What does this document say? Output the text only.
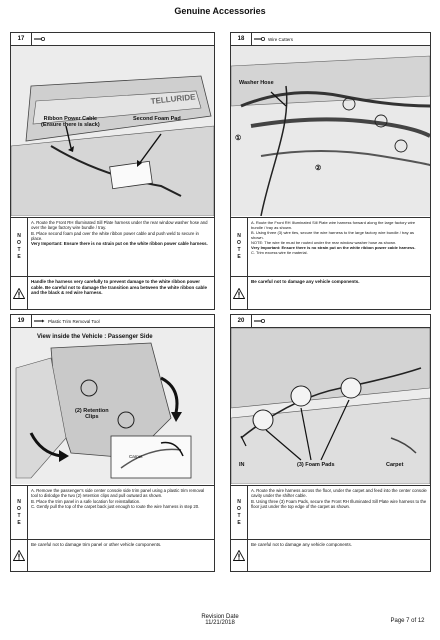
Genuine Accessories
17
TELLURIDE
Ribbon Power Cable
(Ensure there is slack)
Second Foam Pad
N
O
T
E

A. Route the Front RH Illuminated Sill Plate harness under the rear window washer hose and over the large factory wire bundle / tray.

B. Place second foam pad over the white ribbon power cable and push weld to secure in place.

Very Important: Ensure there is no strain put on the white ribbon power cable harness.

Handle the harness very carefully to prevent damage to the white ribbon power cable. Be careful not to damage the transition area between the white ribbon cable and the black & red wire harness.
18	Wire Cutters
Washer Hose
①
②
N
O
T
E

A. Route the Front RH Illuminated Sill Plate wire harness forward along the large factory wire bundle / tray as shown.

B. Using three (3) wire ties, secure the wire harness to the large factory wire bundle / tray as shown.

NOTE: The wire tie must be routed under the rear window washer hose as shown.

Very Important: Ensure there is no strain put on the white ribbon power cable harness.

C. Trim excess wire tie material.

Be careful not to damage any vehicle components.
19	Plastic Trim Removal Tool
View inside the Vehicle : Passenger Side
(2) Retention
Clips
Carpet
N
O
T
E

A. Remove the passenger's side center console side trim panel using a plastic trim removal tool to dislodge the two (2) retention clips and pull outward as shown.

B. Place the trim panel in a safe location for reinstallation.

C. Gently pull the top of the carpet back just enough to route the wire harness in step 20.

Be careful not to damage trim panel or other vehicle components.
20
IN	(3) Foam Pads	Carpet
N
O
T
E

A. Route the wire harness across the floor, under the carpet and feed into the center console cavity under the shifter cable.

B. Using three (3) Foam Pads, secure the Front RH Illuminated Sill Plate wire harness to the floor just under the top edge of the carpet as shown.

Be careful not to damage any vehicle components.
Revision Date
11/21/2018	Page 7 of 12
